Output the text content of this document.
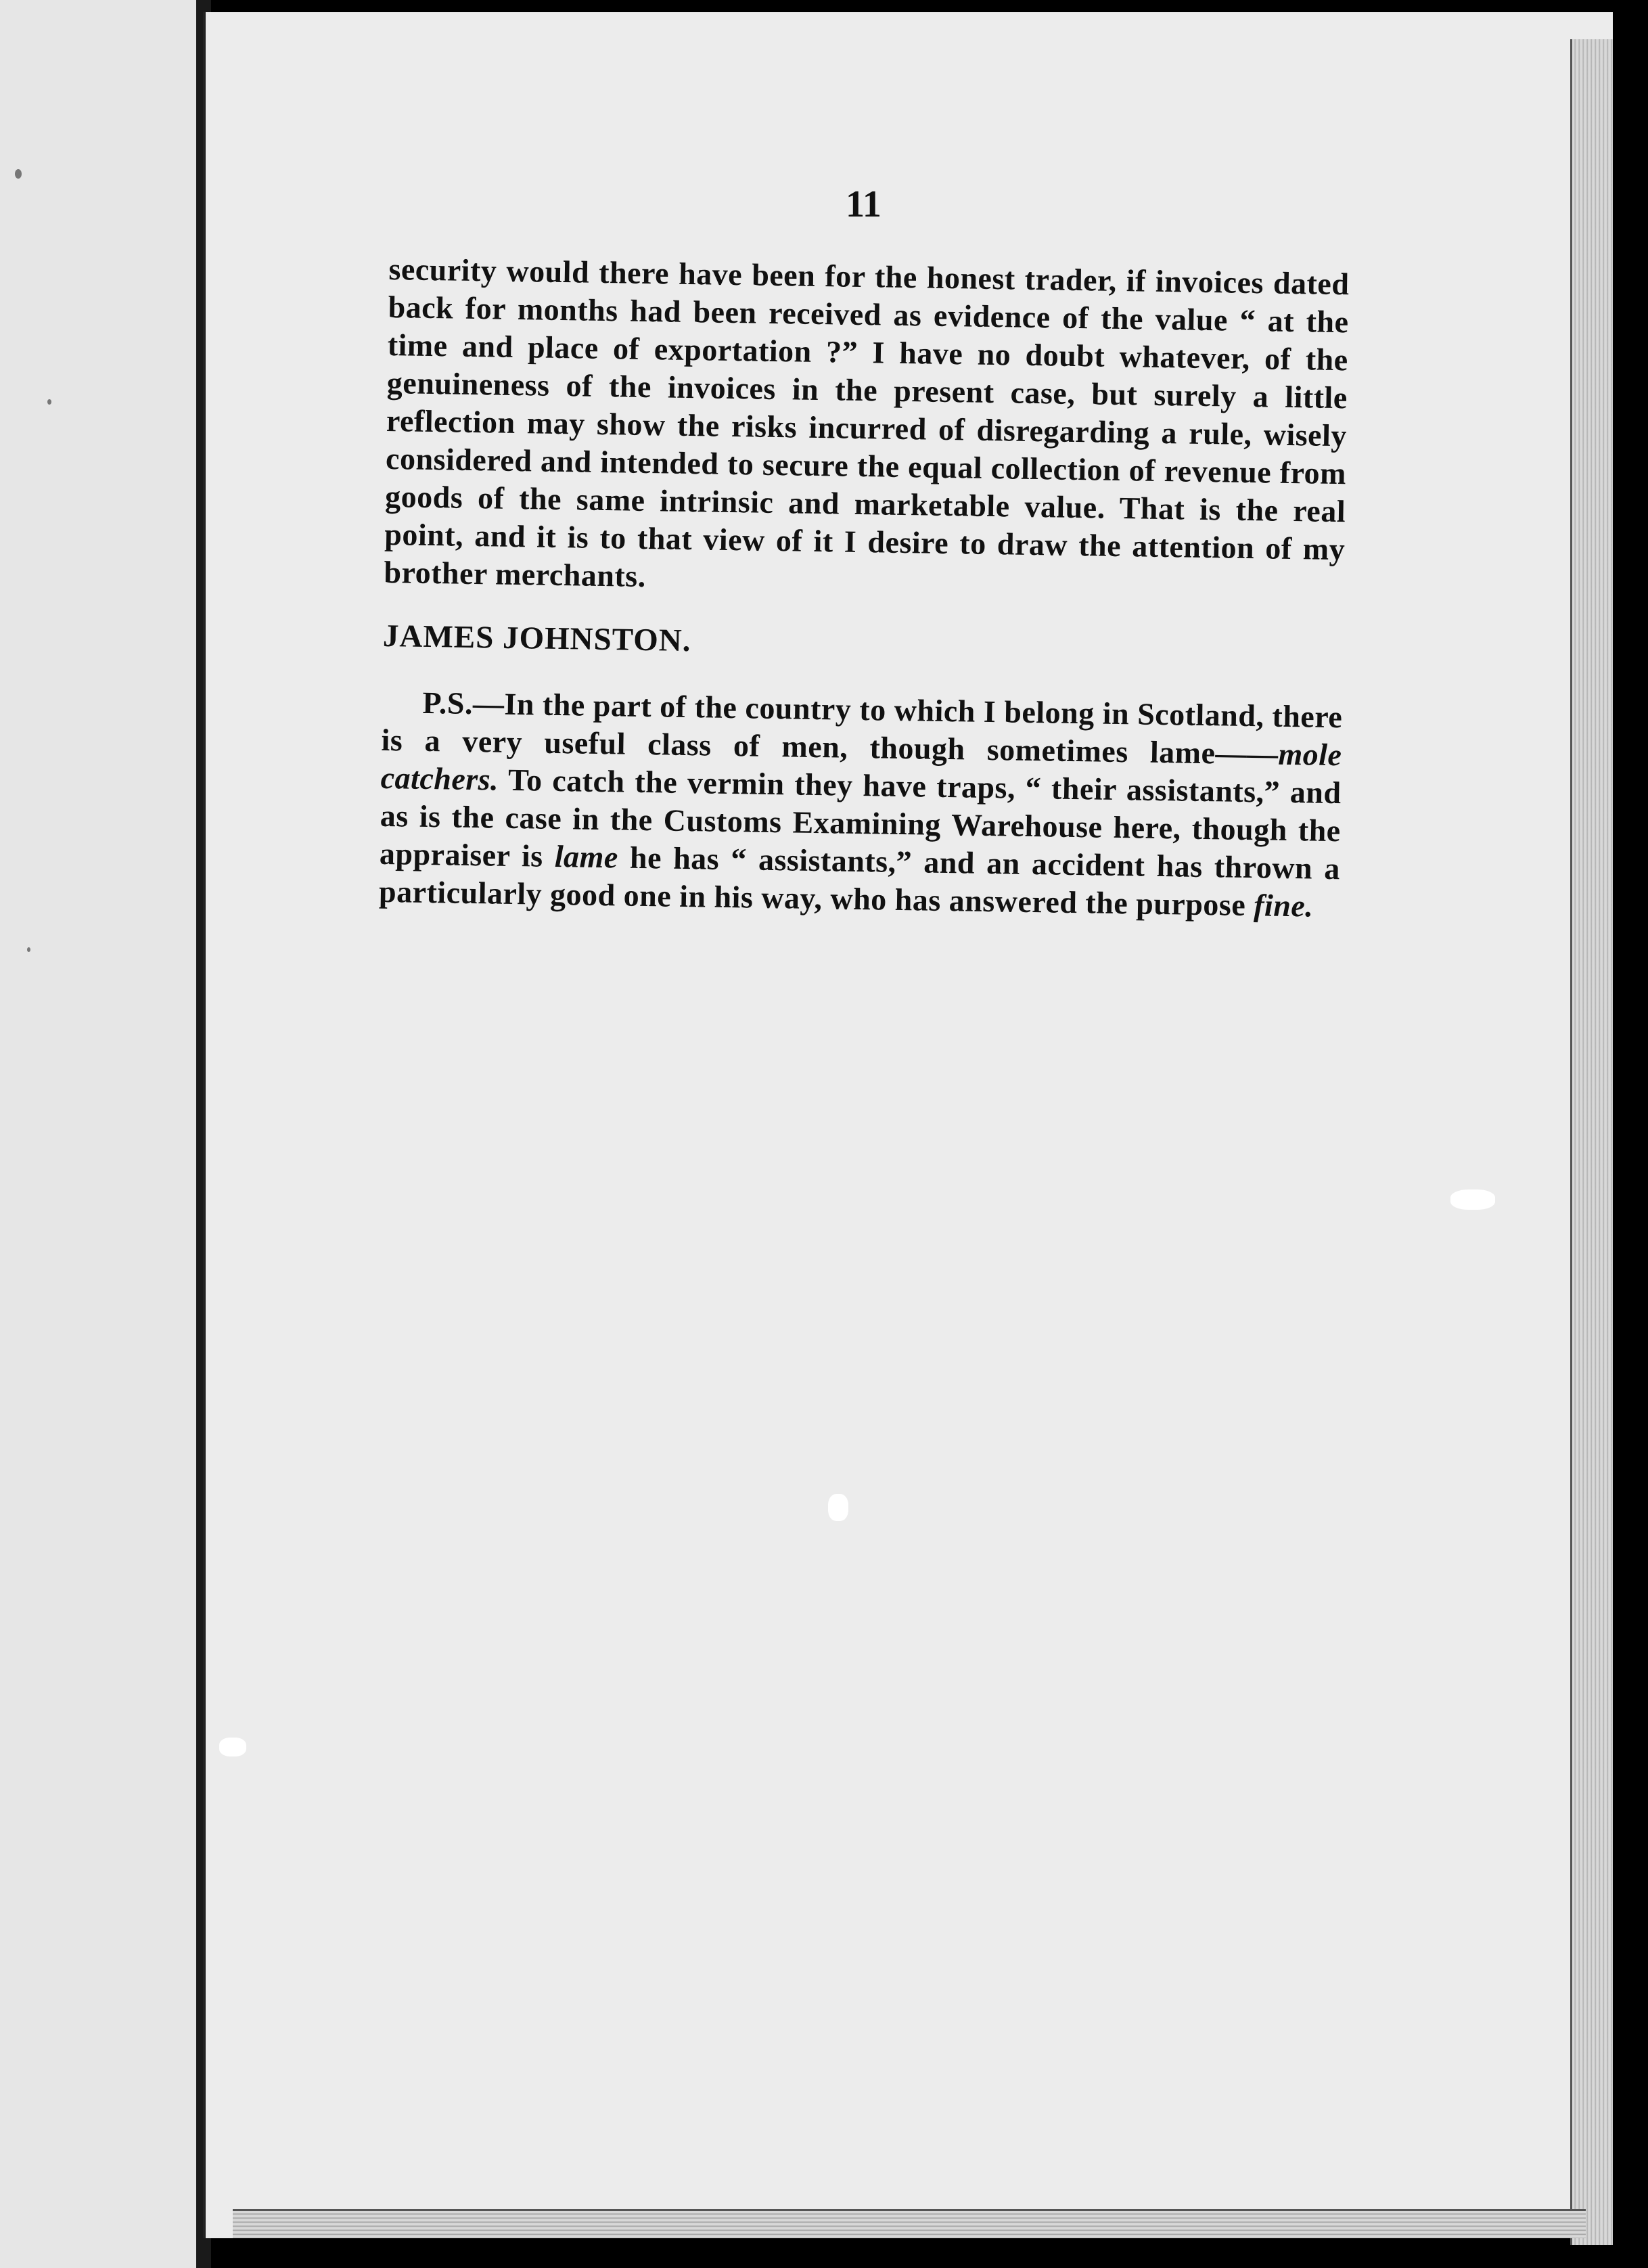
11

security would there have been for the honest trader, if invoices dated back for months had been received as evidence of the value “ at the time and place of exportation ?” I have no doubt whatever, of the genuineness of the invoices in the present case, but surely a little reflection may show the risks incurred of disregarding a rule, wisely considered and intended to secure the equal collection of revenue from goods of the same intrinsic and marketable value. That is the real point, and it is to that view of it I desire to draw the attention of my brother merchants.

JAMES JOHNSTON.

P.S.—In the part of the country to which I belong in Scotland, there is a very useful class of men, though sometimes lame——mole catchers. To catch the vermin they have traps, “ their assistants,” and as is the case in the Customs Examining Warehouse here, though the appraiser is lame he has “ assistants,” and an accident has thrown a particularly good one in his way, who has answered the purpose fine.
